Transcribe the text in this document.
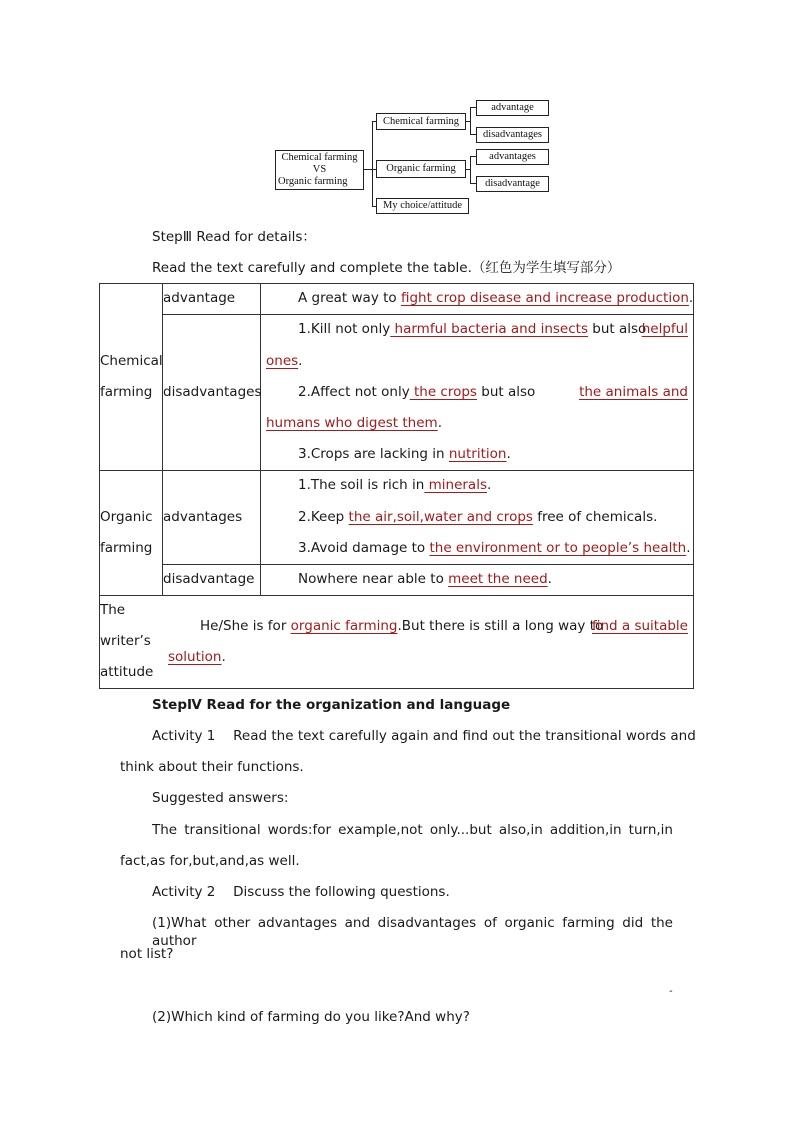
Chemical farming
VS
Organic farming
Chemical farming
Organic farming
My choice/attitude
advantage
disadvantages
advantages
disadvantage
StepⅢ Read for details：
Read the text carefully and complete the table.（红色为学生填写部分）
Chemical
farming
Organic
farming
The
writer’s
attitude
advantage
disadvantages
advantages
disadvantage
A great way to fight crop disease and increase production.
1.Kill not only harmful bacteria and insects but also
helpful
ones.
2.Affect not only the crops but also	the animals and
humans who digest them.
3.Crops are lacking in nutrition.
1.The soil is rich in minerals.
2.Keep the air,soil,water and crops free of chemicals.
3.Avoid damage to the environment or to people’s health.
Nowhere near able to meet the need.
He/She is for organic farming.But there is still a long way to
find a suitable
solution.
StepⅣ Read for the organization and language
Activity 1　 Read the text carefully again and find out the transitional words and
think about their functions.
Suggested answers:
The transitional words:for example,not only...but also,in addition,in turn,in
fact,as for,but,and,as well.
Activity 2　 Discuss the following questions.
(1)What other advantages and disadvantages of organic farming did the author
not list?
-
(2)Which kind of farming do you like?And why?
